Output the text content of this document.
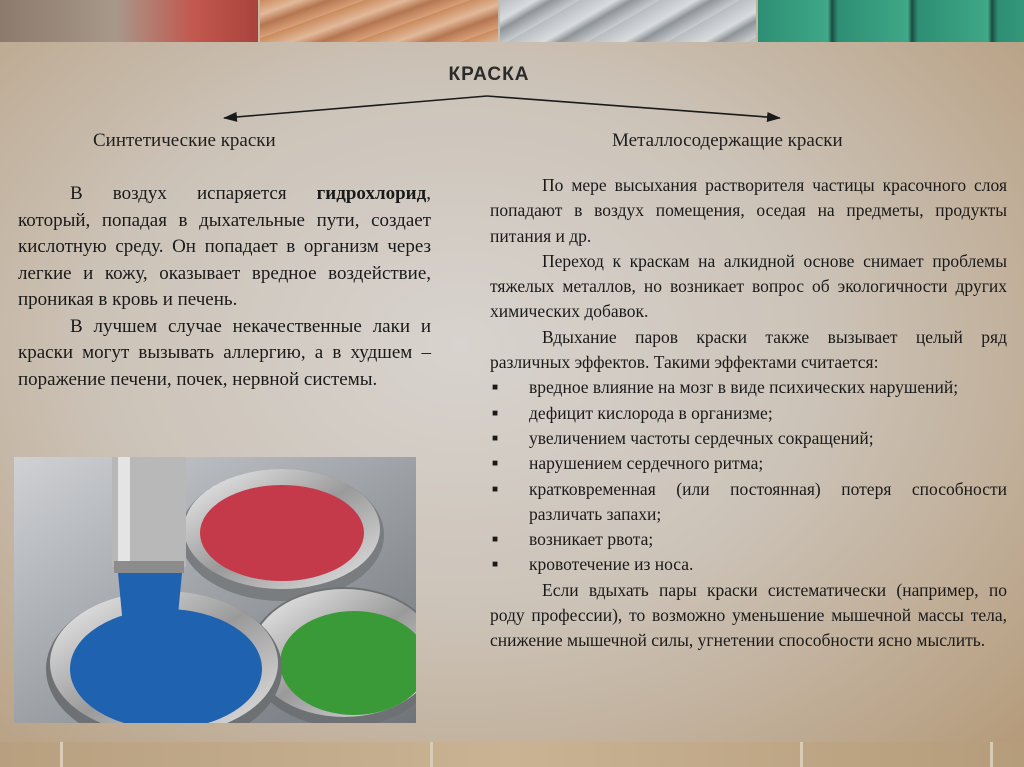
КРАСКА
Синтетические краски	Металлосодержащие краски

В воздух испаряется гидрохлорид, который, попадая в дыхательные пути, создает кислотную среду. Он попадает в организм через легкие и кожу, оказывает вредное воздействие, проникая в кровь и печень.

В лучшем случае некачественные лаки и краски могут вызывать аллергию, а в худшем – поражение печени, почек, нервной системы.

По мере высыхания растворителя частицы красочного слоя попадают в воздух помещения, оседая на предметы, продукты питания и др.

Переход к краскам на алкидной основе снимает проблемы тяжелых металлов, но возникает вопрос об экологичности других химических добавок.

Вдыхание паров краски также вызывает целый ряд различных эффектов. Такими эффектами считается:

■ вредное влияние на мозг в виде психических нарушений;
■ дефицит кислорода в организме;
■ увеличением частоты сердечных сокращений;
■ нарушением сердечного ритма;
■ кратковременная (или постоянная) потеря способности различать запахи;
■ возникает рвота;
■ кровотечение из носа.

Если вдыхать пары краски систематически (например, по роду профессии), то возможно уменьшение мышечной массы тела, снижение мышечной силы, угнетении способности ясно мыслить.
